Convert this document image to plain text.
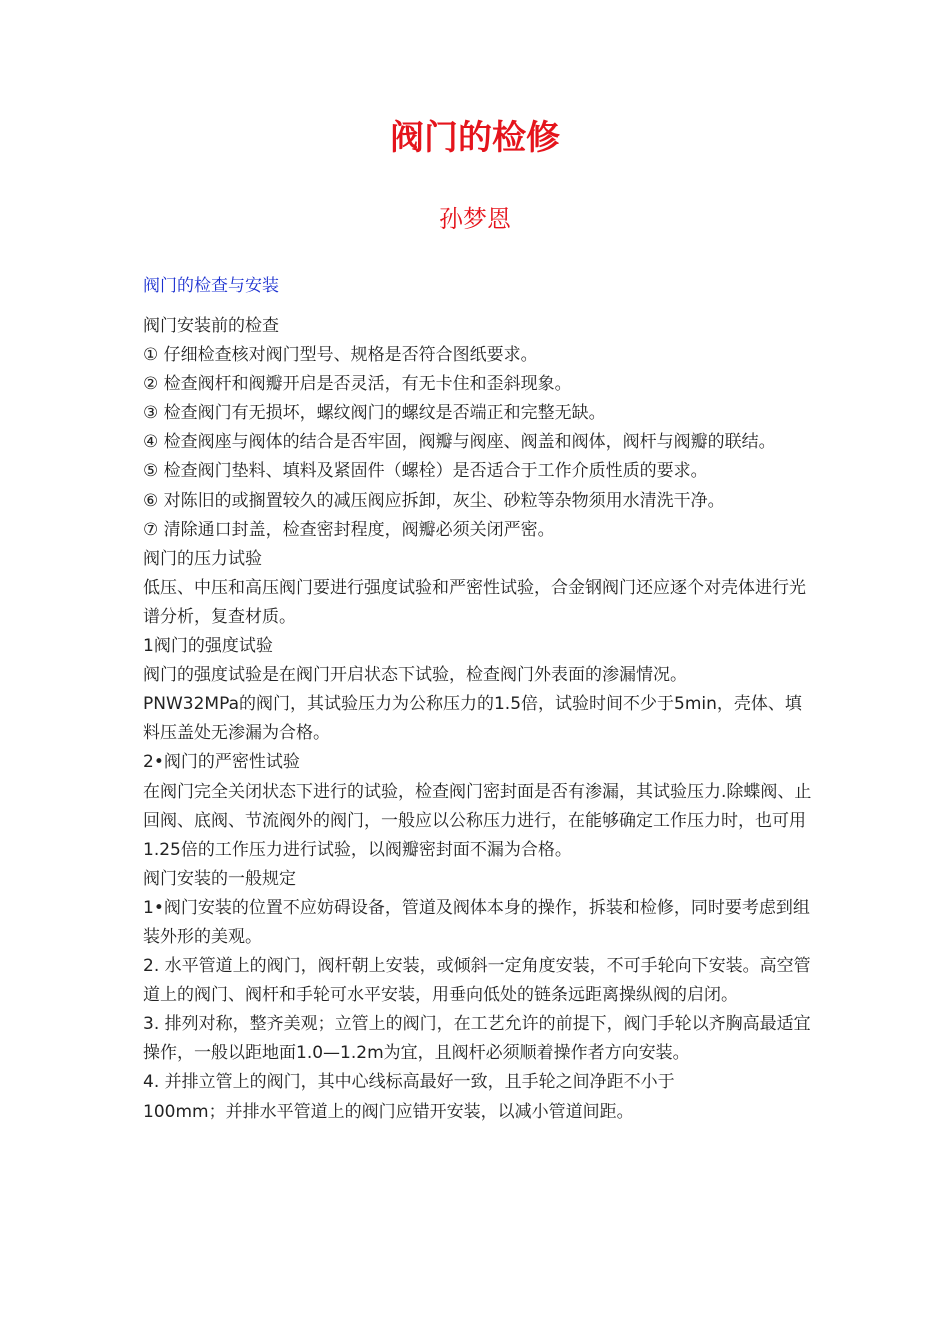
阀门的检修
孙梦恩
阀门的检查与安装

阀门安装前的检查

① 仔细检查核对阀门型号、规格是否符合图纸要求。

② 检查阀杆和阀瓣开启是否灵活，有无卡住和歪斜现象。

③ 检查阀门有无损坏，螺纹阀门的螺纹是否端正和完整无缺。

④ 检查阀座与阀体的结合是否牢固，阀瓣与阀座、阀盖和阀体，阀杆与阀瓣的联结。

⑤ 检查阀门垫料、填料及紧固件（螺栓）是否适合于工作介质性质的要求。

⑥ 对陈旧的或搁置较久的减压阀应拆卸，灰尘、砂粒等杂物须用水清洗干净。

⑦ 清除通口封盖，检查密封程度，阀瓣必须关闭严密。

阀门的压力试验

低压、中压和高压阀门要进行强度试验和严密性试验，合金钢阀门还应逐个对壳体进行光谱分析，复查材质。

1阀门的强度试验

阀门的强度试验是在阀门开启状态下试验，检查阀门外表面的渗漏情况。

PNW32MPa的阀门，其试验压力为公称压力的1.5倍，试验时间不少于5min，壳体、填料压盖处无渗漏为合格。

2•阀门的严密性试验

在阀门完全关闭状态下进行的试验，检查阀门密封面是否有渗漏，其试验压力.除蝶阀、止回阀、底阀、节流阀外的阀门，一般应以公称压力进行，在能够确定工作压力时，也可用1.25倍的工作压力进行试验，以阀瓣密封面不漏为合格。

阀门安装的一般规定

1•阀门安装的位置不应妨碍设备，管道及阀体本身的操作，拆装和检修，同时要考虑到组装外形的美观。

2. 水平管道上的阀门，阀杆朝上安装，或倾斜一定角度安装，不可手轮向下安装。高空管道上的阀门、阀杆和手轮可水平安装，用垂向低处的链条远距离操纵阀的启闭。

3. 排列对称，整齐美观；立管上的阀门，在工艺允许的前提下，阀门手轮以齐胸高最适宜操作，一般以距地面1.0—1.2m为宜，且阀杆必须顺着操作者方向安装。

4. 并排立管上的阀门，其中心线标高最好一致，且手轮之间净距不小于

100mm；并排水平管道上的阀门应错开安装，以减小管道间距。
